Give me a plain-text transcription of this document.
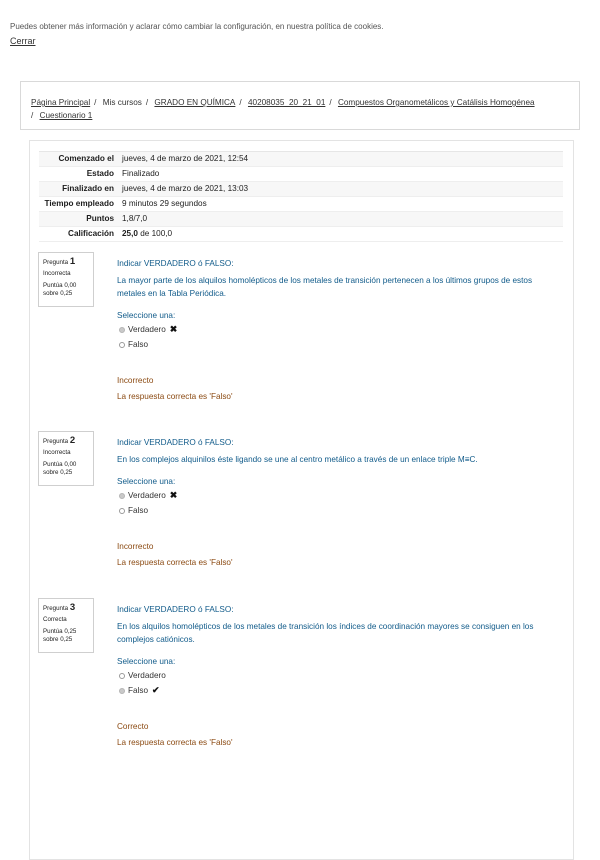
Puedes obtener más información y aclarar cómo cambiar la configuración, en nuestra política de cookies.
Cerrar
Página Principal / Mis cursos / GRADO EN QUÍMICA / 40208035_20_21_01 / Compuestos Organometálicos y Catálisis Homogénea
/ Cuestionario 1
Comenzado el jueves, 4 de marzo de 2021, 12:54
Estado Finalizado
Finalizado en jueves, 4 de marzo de 2021, 13:03
Tiempo empleado 9 minutos 29 segundos
Puntos 1,8/7,0
Calificación 25,0 de 100,0
Pregunta 1
Incorrecta
Puntúa 0,00 sobre 0,25
Indicar VERDADERO ó FALSO:
La mayor parte de los alquilos homolépticos de los metales de transición pertenecen a los últimos grupos de estos metales en la Tabla Periódica.
Seleccione una:
Verdadero ✖
Falso
Incorrecto
La respuesta correcta es 'Falso'
Pregunta 2
Incorrecta
Puntúa 0,00 sobre 0,25
Indicar VERDADERO ó FALSO:
En los complejos alquinilos éste ligando se une al centro metálico a través de un enlace triple M≡C.
Seleccione una:
Verdadero ✖
Falso
Incorrecto
La respuesta correcta es 'Falso'
Pregunta 3
Correcta
Puntúa 0,25 sobre 0,25
Indicar VERDADERO ó FALSO:
En los alquilos homolépticos de los metales de transición los índices de coordinación mayores se consiguen en los complejos catiónicos.
Seleccione una:
Verdadero
Falso ✔
Correcto
La respuesta correcta es 'Falso'
